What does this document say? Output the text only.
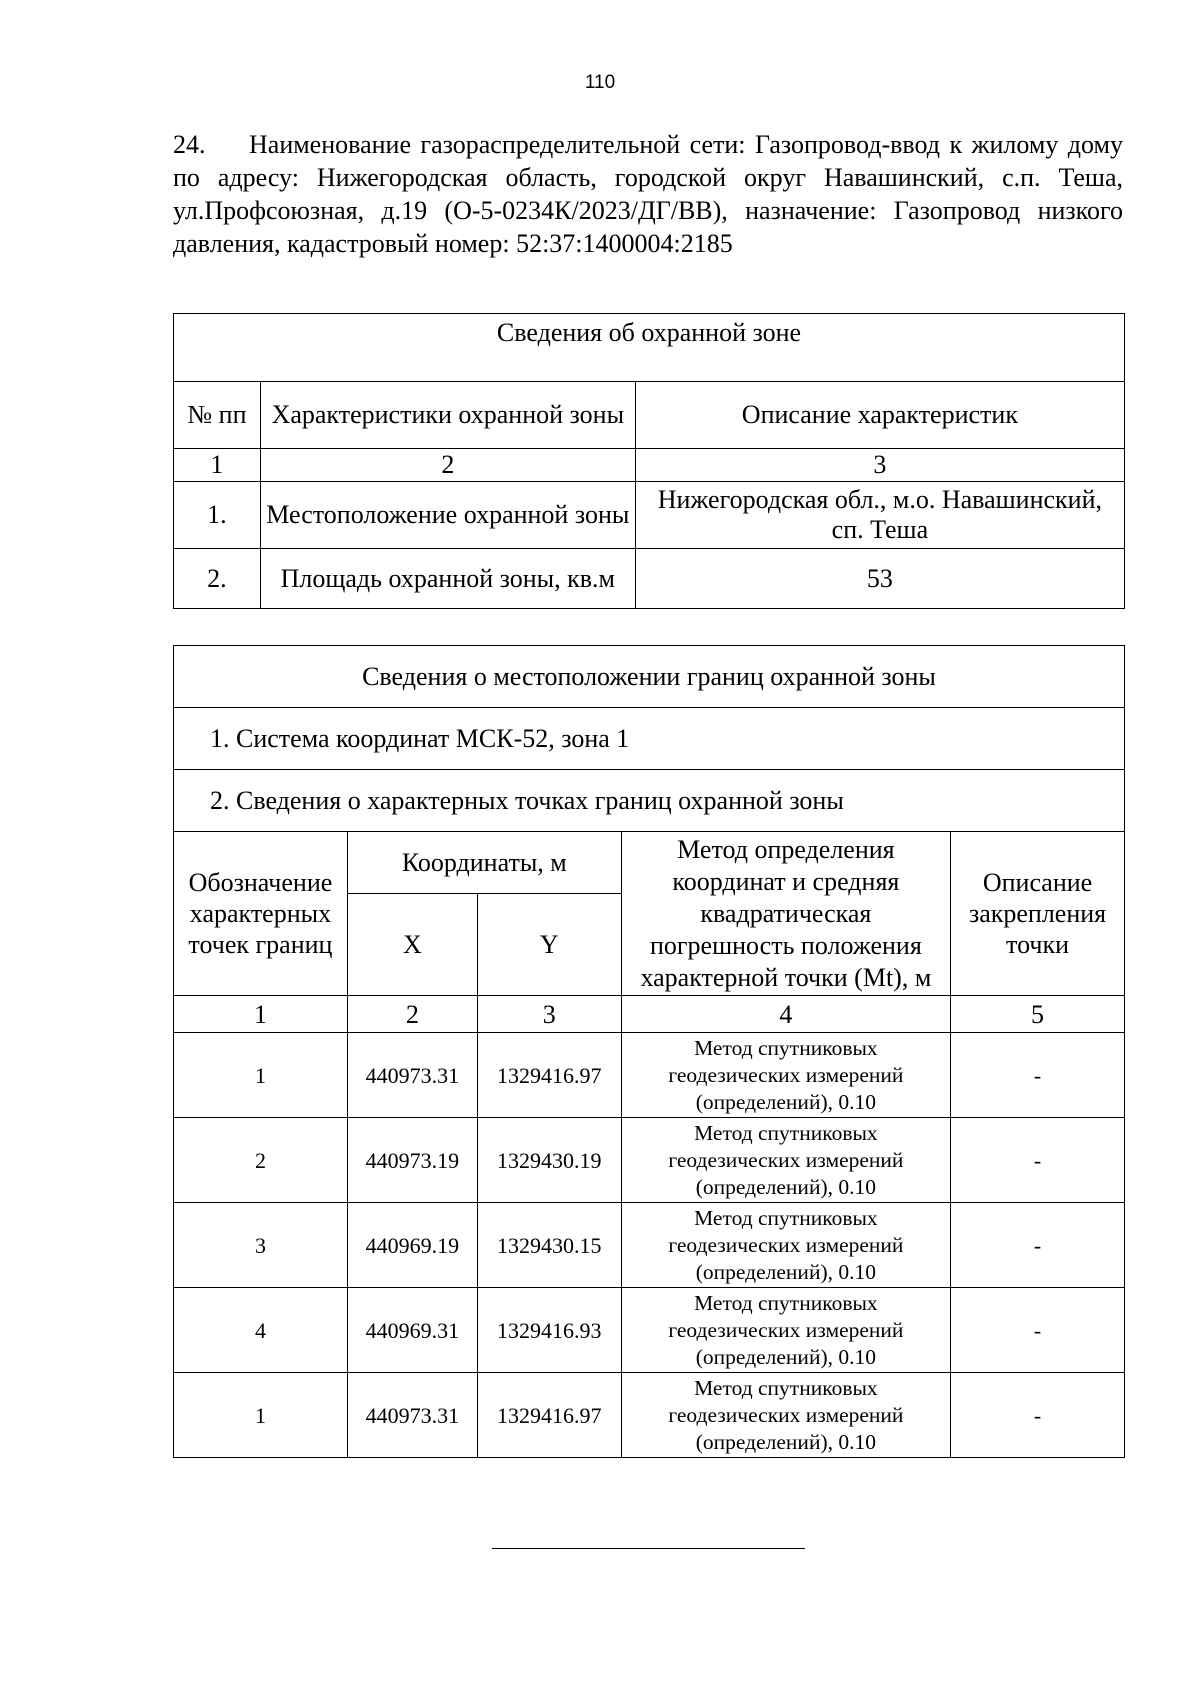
110
24. Наименование газораспределительной сети: Газопровод-ввод к жилому дому по адресу: Нижегородская область, городской округ Навашинский, с.п. Теша, ул.Профсоюзная, д.19 (О-5-0234К/2023/ДГ/ВВ), назначение: Газопровод низкого давления, кадастровый номер: 52:37:1400004:2185
Сведения об охранной зоне		
№ пп	Характеристики охранной зоны	Описание характеристик
1	2	3
1.	Местоположение охранной зоны	Нижегородская обл., м.о. Навашинский, сп. Теша
2.	Площадь охранной зоны, кв.м	53
Сведения о местоположении границ охранной зоны				
1. Система координат МСК-52, зона 1				
2. Сведения о характерных точках границ охранной зоны				
Обозначение характерных точек границ	Координаты, м		Метод определения координат и средняя квадратическая погрешность положения характерной точки (Mt), м	Описание закрепления точки
	X	Y		
1	2	3	4	5
1	440973.31	1329416.97	Метод спутниковых геодезических измерений (определений), 0.10	-
2	440973.19	1329430.19	Метод спутниковых геодезических измерений (определений), 0.10	-
3	440969.19	1329430.15	Метод спутниковых геодезических измерений (определений), 0.10	-
4	440969.31	1329416.93	Метод спутниковых геодезических измерений (определений), 0.10	-
1	440973.31	1329416.97	Метод спутниковых геодезических измерений (определений), 0.10	-
